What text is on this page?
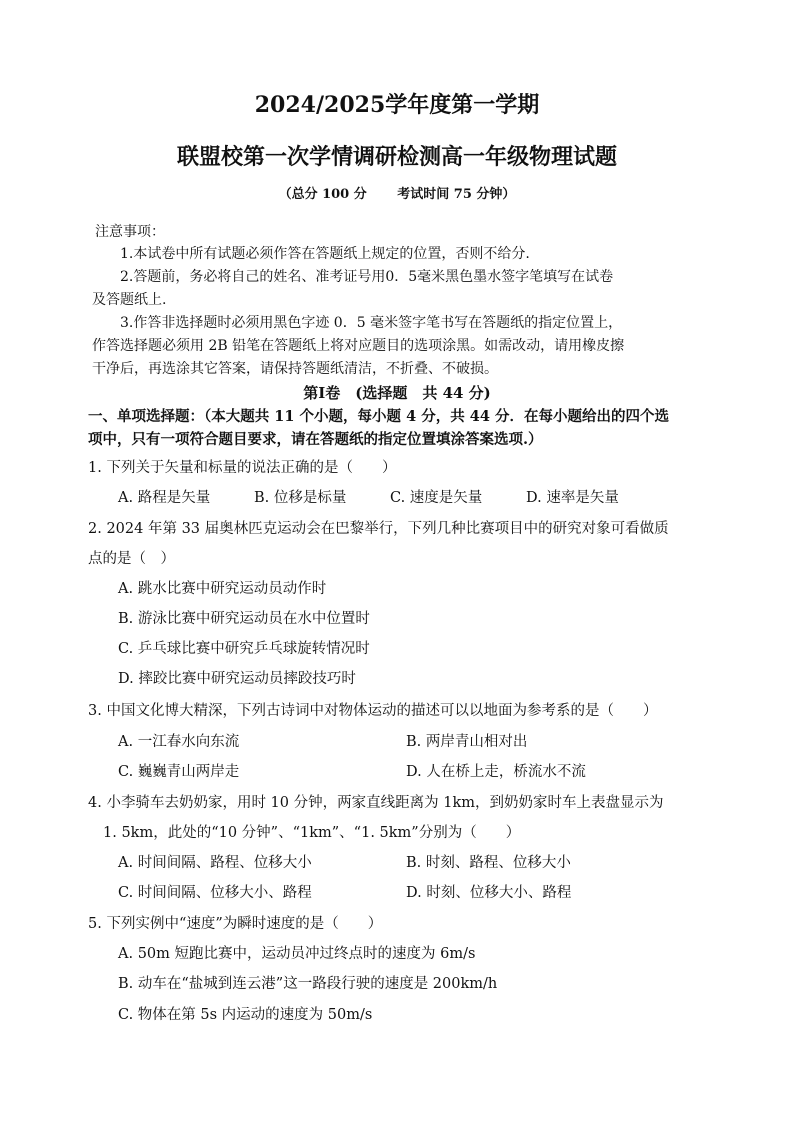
2024/2025学年度第一学期
联盟校第一次学情调研检测高一年级物理试题
（总分 100 分　　 考试时间 75 分钟）
注意事项：
1.本试卷中所有试题必须作答在答题纸上规定的位置，否则不给分.
2.答题前，务必将自己的姓名、准考证号用0．5毫米黑色墨水签字笔填写在试卷
及答题纸上.
3.作答非选择题时必须用黑色字迹 0．5 毫米签字笔书写在答题纸的指定位置上，
作答选择题必须用 2B 铅笔在答题纸上将对应题目的选项涂黑。如需改动，请用橡皮擦
干净后，再选涂其它答案，请保持答题纸清洁，不折叠、不破损。
第Ⅰ卷　(选择题　共 44 分)
一、单项选择题：（本大题共 11 个小题，每小题 4 分，共 44 分．在每小题给出的四个选
项中，只有一项符合题目要求，请在答题纸的指定位置填涂答案选项.）
1. 下列关于矢量和标量的说法正确的是（　　）
A. 路程是矢量	B. 位移是标量	C. 速度是矢量	D. 速率是矢量
2. 2024 年第 33 届奥林匹克运动会在巴黎举行，下列几种比赛项目中的研究对象可看做质
点的是（　）
A. 跳水比赛中研究运动员动作时
B. 游泳比赛中研究运动员在水中位置时
C. 乒乓球比赛中研究乒乓球旋转情况时
D. 摔跤比赛中研究运动员摔跤技巧时
3. 中国文化博大精深，下列古诗词中对物体运动的描述可以以地面为参考系的是（　　）
A. 一江春水向东流	B. 两岸青山相对出
C. 巍巍青山两岸走	D. 人在桥上走，桥流水不流
4. 小李骑车去奶奶家，用时 10 分钟，两家直线距离为 1km，到奶奶家时车上表盘显示为
1. 5km，此处的“10 分钟”、“1km”、“1. 5km”分别为（　　）
A. 时间间隔、路程、位移大小	B. 时刻、路程、位移大小
C. 时间间隔、位移大小、路程	D. 时刻、位移大小、路程
5. 下列实例中“速度”为瞬时速度的是（　　）
A. 50m 短跑比赛中，运动员冲过终点时的速度为 6m/s
B. 动车在“盐城到连云港”这一路段行驶的速度是 200km/h
C. 物体在第 5s 内运动的速度为 50m/s
